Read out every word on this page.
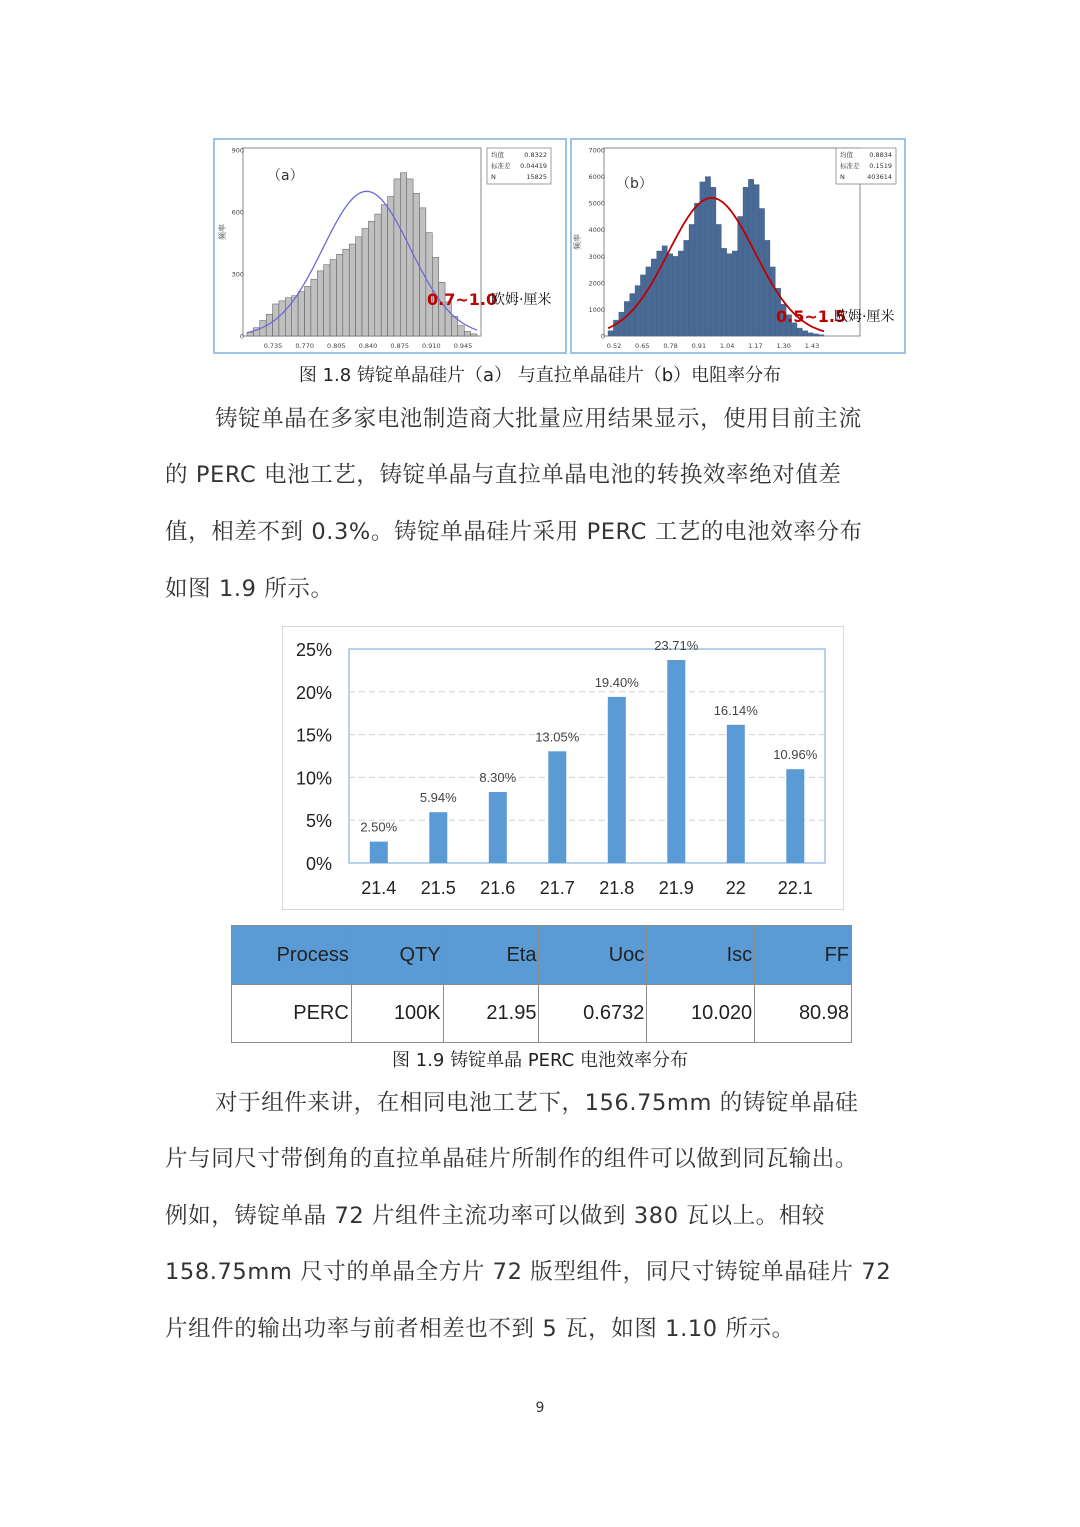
900
600
300
0
0.735 0.770 0.805 0.840 0.875 0.910 0.945
频率
（a）
均值	0.8322
标准差 0.04419
N	15825
0.7~1.0
欧姆·厘米
7000
6000
5000
4000
3000
2000
1000
0
0.52 0.65 0.78 0.91 1.04 1.17 1.30 1.43
频率
（b）
均值	0.8834
标准差 0.1519
N	403614
0.5~1.5
欧姆·厘米
图 1.8 铸锭单晶硅片（a） 与直拉单晶硅片（b）电阻率分布
铸锭单晶在多家电池制造商大批量应用结果显示，使用目前主流
的 PERC 电池工艺，铸锭单晶与直拉单晶电池的转换效率绝对值差
值，相差不到 0.3%。铸锭单晶硅片采用 PERC 工艺的电池效率分布
如图 1.9 所示。
0%
5%
10%
15%
20%
25%
2.50%
5.94%
8.30%
13.05%
19.40%
23.71%
16.14%
10.96%
21.4 21.5 21.6 21.7 21.8 21.9 22 22.1
Process	QTY	Eta	Uoc	Isc	FF
PERC	100K	21.95	0.6732	10.020	80.98
图 1.9 铸锭单晶 PERC 电池效率分布
对于组件来讲，在相同电池工艺下，156.75mm 的铸锭单晶硅
片与同尺寸带倒角的直拉单晶硅片所制作的组件可以做到同瓦输出。
例如，铸锭单晶 72 片组件主流功率可以做到 380 瓦以上。相较
158.75mm 尺寸的单晶全方片 72 版型组件，同尺寸铸锭单晶硅片 72
片组件的输出功率与前者相差也不到 5 瓦，如图 1.10 所示。
9
